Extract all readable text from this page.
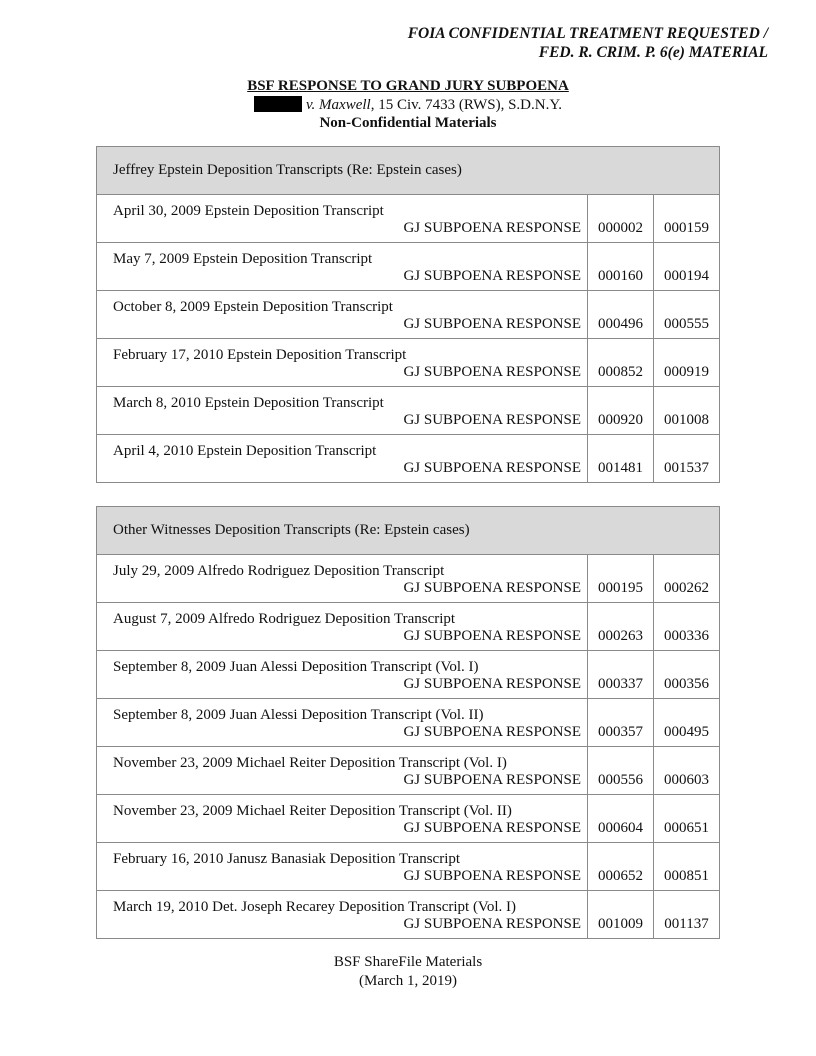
FOIA CONFIDENTIAL TREATMENT REQUESTED /
FED. R. CRIM. P. 6(e) MATERIAL
BSF RESPONSE TO GRAND JURY SUBPOENA
v. Maxwell, 15 Civ. 7433 (RWS), S.D.N.Y.
Non-Confidential Materials
Jeffrey Epstein Deposition Transcripts (Re: Epstein cases)		

April 30, 2009 Epstein Deposition Transcript
GJ SUBPOENA RESPONSE	000002	000159

May 7, 2009 Epstein Deposition Transcript
GJ SUBPOENA RESPONSE	000160	000194

October 8, 2009 Epstein Deposition Transcript
GJ SUBPOENA RESPONSE	000496	000555

February 17, 2010 Epstein Deposition Transcript
GJ SUBPOENA RESPONSE	000852	000919

March 8, 2010 Epstein Deposition Transcript
GJ SUBPOENA RESPONSE	000920	001008

April 4, 2010 Epstein Deposition Transcript
GJ SUBPOENA RESPONSE	001481	001537
Other Witnesses Deposition Transcripts (Re: Epstein cases)		

July 29, 2009 Alfredo Rodriguez Deposition Transcript
GJ SUBPOENA RESPONSE	000195	000262

August 7, 2009 Alfredo Rodriguez Deposition Transcript
GJ SUBPOENA RESPONSE	000263	000336

September 8, 2009 Juan Alessi Deposition Transcript (Vol. I)
GJ SUBPOENA RESPONSE	000337	000356

September 8, 2009 Juan Alessi Deposition Transcript (Vol. II)
GJ SUBPOENA RESPONSE	000357	000495

November 23, 2009 Michael Reiter Deposition Transcript (Vol. I)
GJ SUBPOENA RESPONSE	000556	000603

November 23, 2009 Michael Reiter Deposition Transcript (Vol. II)
GJ SUBPOENA RESPONSE	000604	000651

February 16, 2010 Janusz Banasiak Deposition Transcript
GJ SUBPOENA RESPONSE	000652	000851

March 19, 2010 Det. Joseph Recarey Deposition Transcript (Vol. I)
GJ SUBPOENA RESPONSE	001009	001137
BSF ShareFile Materials
(March 1, 2019)
